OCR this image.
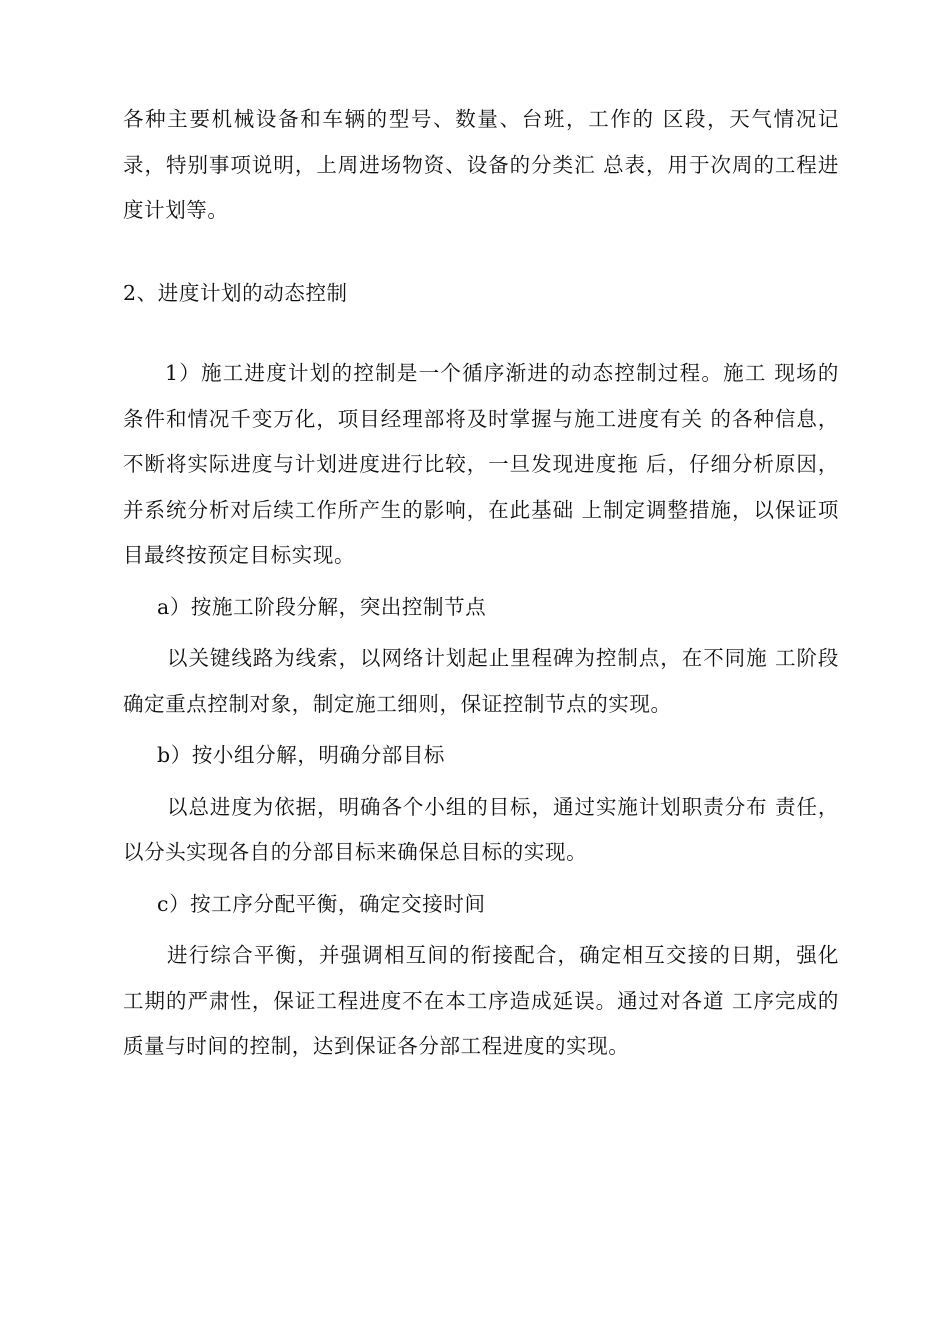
各种主要机械设备和车辆的型号、数量、台班，工作的 区段，天气情况记录，特别事项说明，上周进场物资、设备的分类汇 总表，用于次周的工程进度计划等。

2、进度计划的动态控制

1）施工进度计划的控制是一个循序渐进的动态控制过程。施工 现场的条件和情况千变万化，项目经理部将及时掌握与施工进度有关 的各种信息，不断将实际进度与计划进度进行比较，一旦发现进度拖 后，仔细分析原因，并系统分析对后续工作所产生的影响，在此基础 上制定调整措施，以保证项目最终按预定目标实现。

a）按施工阶段分解，突出控制节点

以关键线路为线索，以网络计划起止里程碑为控制点，在不同施 工阶段确定重点控制对象，制定施工细则，保证控制节点的实现。

b）按小组分解，明确分部目标

以总进度为依据，明确各个小组的目标，通过实施计划职责分布 责任，以分头实现各自的分部目标来确保总目标的实现。

c）按工序分配平衡，确定交接时间

进行综合平衡，并强调相互间的衔接配合，确定相互交接的日期，强化工期的严肃性，保证工程进度不在本工序造成延误。通过对各道 工序完成的质量与时间的控制，达到保证各分部工程进度的实现。
